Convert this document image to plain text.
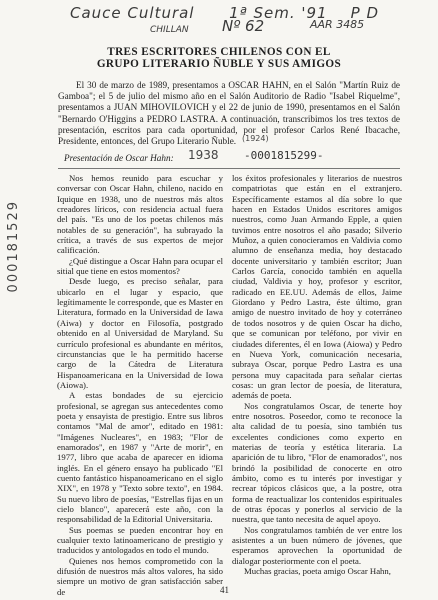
Cauce Cultural 1ª Sem. '91 P D
CHILLAN Nº 62	AAR 3485
TRES ESCRITORES CHILENOS CON EL
GRUPO LITERARIO ÑUBLE Y SUS AMIGOS

El 30 de marzo de 1989, presentamos a OSCAR HAHN, en el Salón "Martín Ruiz de Gamboa"; el 5 de julio del mismo año en el Salón Auditorio de Radio "Isabel Riquelme", presentamos a JUAN MIHOVILOVICH y el 22 de junio de 1990, presentamos en el Salón "Bernardo O'Higgins a PEDRO LASTRA. A continuación, transcribimos los tres textos de presentación, escritos para cada oportunidad, por el profesor Carlos René Ibacache, Presidente, entonces, del Grupo Literario Ñuble.

Presentación de Oscar Hahn: 1938
(1924)
-0001815299-
000181529

Nos hemos reunido para escuchar y conversar con Oscar Hahn, chileno, nacido en Iquique en 1938, uno de nuestros más altos creadores líricos, con residencia actual fuera del país. "Es uno de los poetas chilenos más notables de su generación", ha subrayado la crítica, a través de sus expertos de mejor calificación.

¿Qué distingue a Oscar Hahn para ocupar el sitial que tiene en estos momentos?

Desde luego, es preciso señalar, para ubicarlo en el lugar y espacio, que legítimamente le corresponde, que es Master en Literatura, formado en la Universidad de Iawa (Aiwa) y doctor en Filosofía, postgrado obtenido en al Universidad de Maryland. Su currículo profesional es abundante en méritos, circunstancias que le ha permitido hacerse cargo de la Cátedra de Literatura Hispanoamericana en la Universidad de Iowa (Aiowa).

A estas bondades de su ejercicio profesional, se agregan sus antecedentes como poeta y ensayista de prestigio. Entre sus libros contamos "Mal de amor", editado en 1981: "Imágenes Nucleares", en 1983; "Flor de enamorados", en 1987 y "Arte de morir", en 1977, libro que acaba de aparecer en idioma inglés. En el género ensayo ha publicado "El cuento fantástico hispanoamericano en el siglo XIX", en 1978 y "Texto sobre texto", en 1984. Su nuevo libro de poesías, "Estrellas fijas en un cielo blanco", aparecerá este año, con la responsabilidad de la Editorial Universitaria.

Sus poemas se pueden encontrar hoy en cualquier texto latinoamericano de prestigio y traducidos y antologados en todo el mundo.

Quienes nos hemos comprometido con la difusión de nuestros más altos valores, ha sido siempre un motivo de gran satisfacción saber de

los éxitos profesionales y literarios de nuestros compatriotas que están en el extranjero. Específicamente estamos al día sobre lo que hacen en Estados Unidos escritores amigos nuestros, como Juan Armando Epple, a quien tuvimos entre nosotros el año pasado; Silverio Muñoz, a quien conocieramos en Valdivia como alumno de enseñanza media, hoy destacado docente universitario y también escritor; Juan Carlos García, conocido también en aquella ciudad, Valdivia y hoy, profesor y escritor, radicado en EE.UU. Además de ellos, Jaime Giordano y Pedro Lastra, éste último, gran amigo de nuestro invitado de hoy y coterráneo de todos nosotros y de quien Oscar ha dicho, que se comunican por teléfono, por vivir en ciudades diferentes, él en Iowa (Aiowa) y Pedro en Nueva York, comunicación necesaria, subraya Oscar, porque Pedro Lastra es una persona muy capacitada para señalar ciertas cosas: un gran lector de poesía, de literatura, además de poeta.

Nos congratulamos Oscar, de tenerte hoy entre nosotros. Poseedor, como te reconoce la alta calidad de tu poesía, sino también tus excelentes condiciones como experto en materias de teoría y estética literaria. La aparición de tu libro, "Flor de enamorados", nos brindó la posibilidad de conocerte en otro ámbito, como es tu interés por investigar y recrear tópicos clásicos que, a la postre, otra forma de reactualizar los contenidos espirituales de otras épocas y ponerlos al servicio de la nuestra, que tanto necesita de aquel apoyo.

Nos congratulamos también de ver entre los asistentes a un buen número de jóvenes, que esperamos aprovechen la oportunidad de dialogar posteriormente con el poeta.

Muchas gracias, poeta amigo Oscar Hahn,

41
